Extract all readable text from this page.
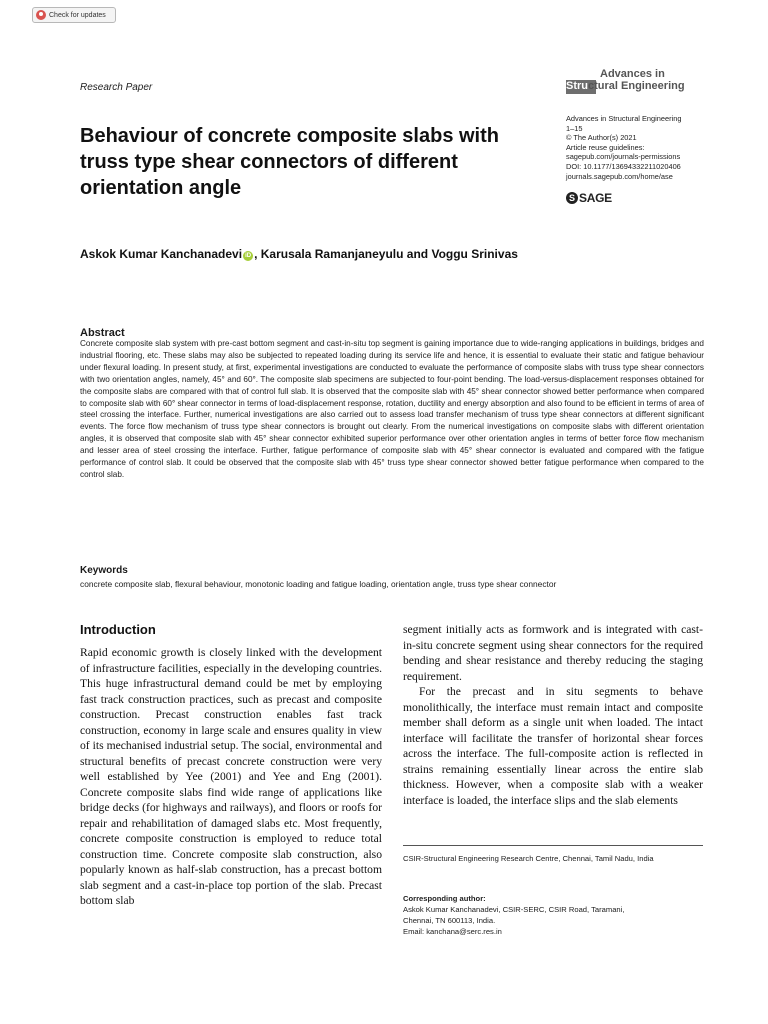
Check for updates
Research Paper
Advances in
Structural Engineering
Advances in Structural Engineering
1–15
© The Author(s) 2021
Article reuse guidelines:
sagepub.com/journals-permissions
DOI: 10.1177/13694332211020406
journals.sagepub.com/home/ase
S SAGE
Behaviour of concrete composite slabs with truss type shear connectors of different orientation angle
Askok Kumar Kanchanadevi iD , Karusala Ramanjaneyulu and Voggu Srinivas
Abstract
Concrete composite slab system with pre-cast bottom segment and cast-in-situ top segment is gaining importance due to wide-ranging applications in buildings, bridges and industrial flooring, etc. These slabs may also be subjected to repeated loading during its service life and hence, it is essential to evaluate their static and fatigue behaviour under flexural loading. In present study, at first, experimental investigations are conducted to evaluate the performance of composite slabs with truss type shear connectors with two orientation angles, namely, 45° and 60°. The composite slab specimens are subjected to four-point bending. The load-versus-displacement responses obtained for the composite slabs are compared with that of control full slab. It is observed that the composite slab with 45° shear connector showed better performance when compared to composite slab with 60° shear connector in terms of load-displacement response, rotation, ductility and energy absorption and also found to be efficient in terms of area of steel crossing the interface. Further, numerical investigations are also carried out to assess load transfer mechanism of truss type shear connectors at different significant events. The force flow mechanism of truss type shear connectors is brought out clearly. From the numerical investigations on composite slabs with different orientation angles, it is observed that composite slab with 45° shear connector exhibited superior performance over other orientation angles in terms of better force flow mechanism and lesser area of steel crossing the interface. Further, fatigue performance of composite slab with 45° shear connector is evaluated and compared with the fatigue performance of control slab. It could be observed that the composite slab with 45° truss type shear connector showed better fatigue performance when compared to the control slab.
Keywords
concrete composite slab, flexural behaviour, monotonic loading and fatigue loading, orientation angle, truss type shear connector
Introduction

Rapid economic growth is closely linked with the development of infrastructure facilities, especially in the developing countries. This huge infrastructural demand could be met by employing fast track construction practices, such as precast and composite construction. Precast construction enables fast track construction, economy in large scale and ensures quality in view of its mechanised industrial setup. The social, environmental and structural benefits of precast concrete construction were very well established by Yee (2001) and Yee and Eng (2001). Concrete composite slabs find wide range of applications like bridge decks (for highways and railways), and floors or roofs for repair and rehabilitation of damaged slabs etc. Most frequently, concrete composite construction is employed to reduce total construction time. Concrete composite slab construction, also popularly known as half-slab construction, has a precast bottom slab segment and a cast-in-place top portion of the slab. Precast bottom slab

segment initially acts as formwork and is integrated with cast-in-situ concrete segment using shear connectors for the required bending and shear resistance and thereby reducing the staging requirement.

For the precast and in situ segments to behave monolithically, the interface must remain intact and composite member shall deform as a single unit when loaded. The intact interface will facilitate the transfer of horizontal shear forces across the interface. The full-composite action is reflected in strains remaining essentially linear across the entire slab thickness. However, when a composite slab with a weaker interface is loaded, the interface slips and the slab elements

CSIR-Structural Engineering Research Centre, Chennai, Tamil Nadu, India
Corresponding author:
Askok Kumar Kanchanadevi, CSIR-SERC, CSIR Road, Taramani,
Chennai, TN 600113, India.
Email: kanchana@serc.res.in
